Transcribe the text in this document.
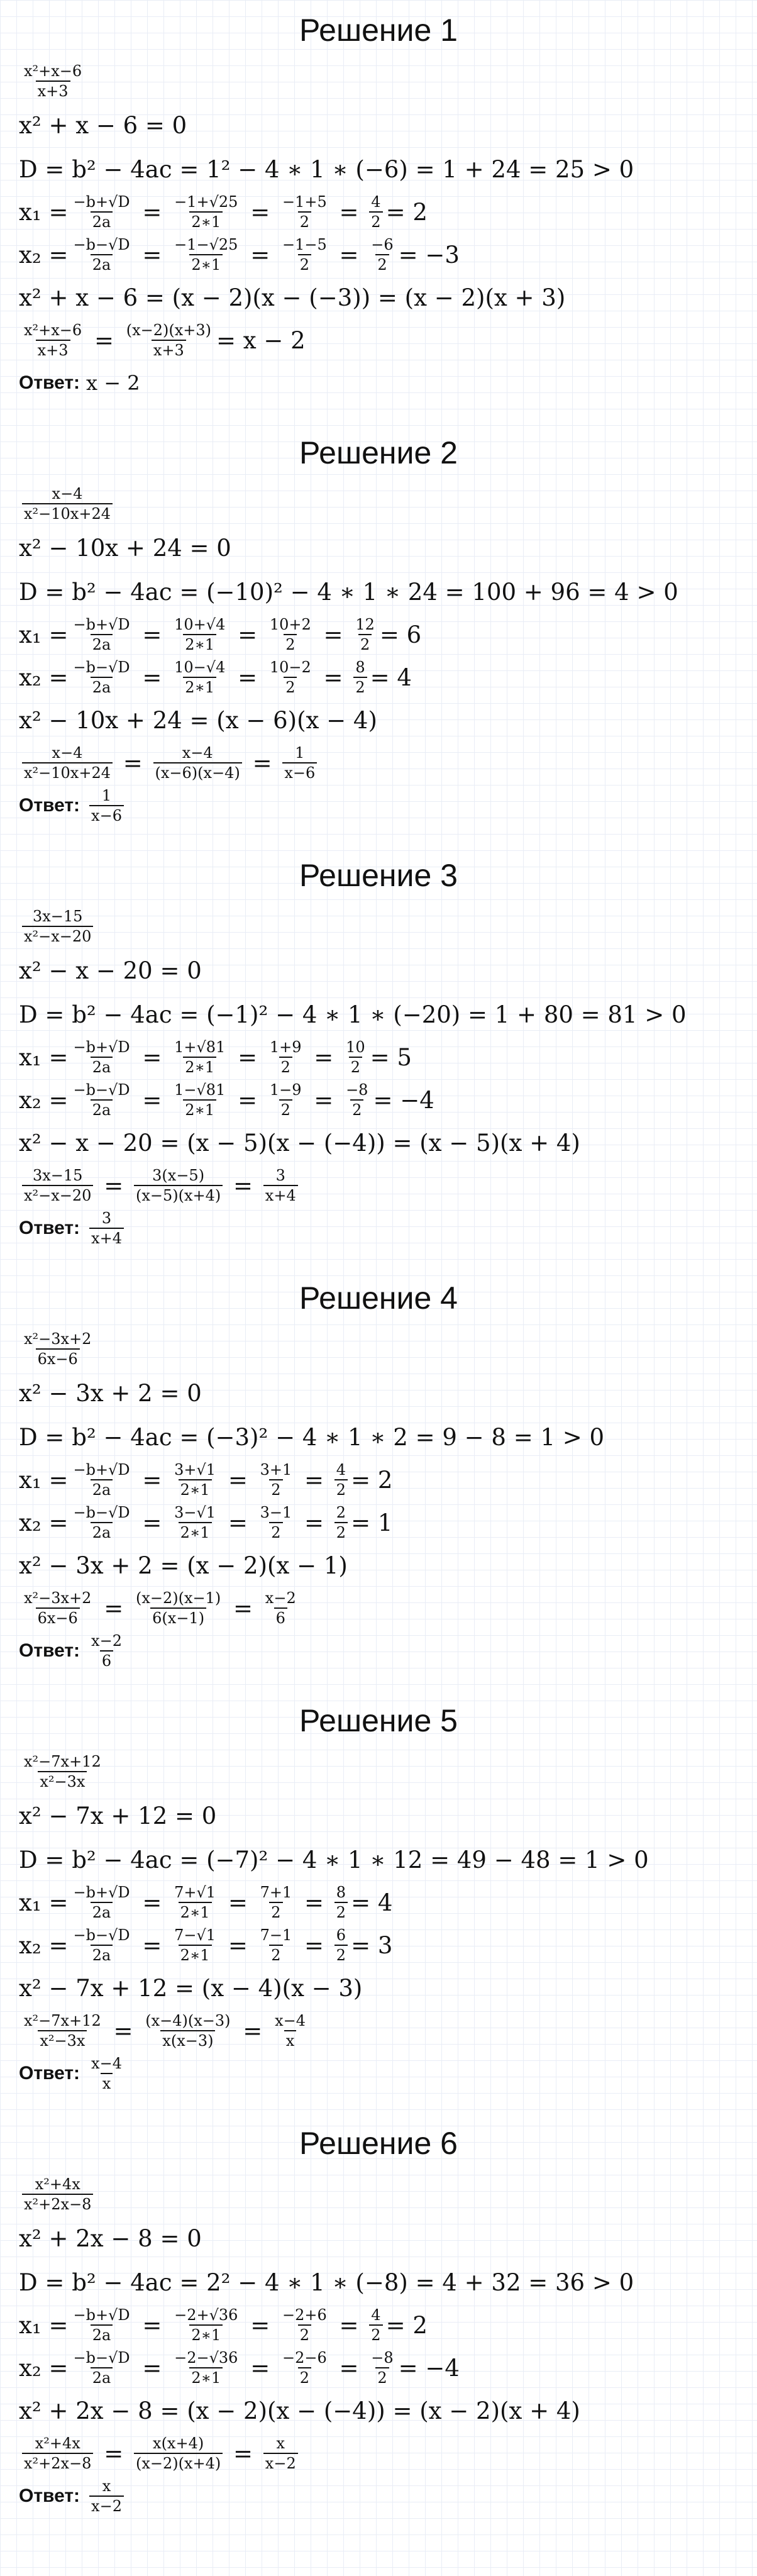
Решение 1
$\frac{\text{x²+x−6}}{x+3}$
x² + x − 6 = 0
D = b² − 4ac = 1² − 4 ∗ 1 ∗ (−6) = 1 + 24 = 25 > 0
$x_1 = \frac{-b+√D}{2a} = \frac{-1+√25}{2∗1} = \frac{-1+5}{2} = \frac{4}{2} = 2$
$x_2 = \frac{-b-√D}{2a} = \frac{-1-√25}{2∗1} = \frac{-1-5}{2} = \frac{-6}{2} = -3$
x² + x − 6 = (x − 2)(x − (−3)) = (x − 2)(x + 3)
$\frac{\text{x²+x−6}}{x+3} = \frac{(x-2)(x+3)}{x+3} = x - 2$
Ответ: x − 2
Решение 2
$\frac{x-4}{\text{x²−10x+24}}$
x² − 10x + 24 = 0
D = b² − 4ac = (−10)² − 4 ∗ 1 ∗ 24 = 100 + 96 = 4 > 0
$x_1 = \frac{-b+√D}{2a} = \frac{10+√4}{2∗1} = \frac{10+2}{2} = \frac{12}{2} = 6$
$x_2 = \frac{-b-√D}{2a} = \frac{10-√4}{2∗1} = \frac{10-2}{2} = \frac{8}{2} = 4$
x² − 10x + 24 = (x − 6)(x − 4)
$\frac{x-4}{\text{x²−10x+24}} = \frac{x-4}{(x-6)(x-4)} = \frac{1}{x-6}$
Ответ: $\frac{1}{x-6}$
Решение 3
$\frac{3x-15}{\text{x²−x−20}}$
x² − x − 20 = 0
D = b² − 4ac = (−1)² − 4 ∗ 1 ∗ (−20) = 1 + 80 = 81 > 0
$x_1 = \frac{-b+√D}{2a} = \frac{1+√81}{2∗1} = \frac{1+9}{2} = \frac{10}{2} = 5$
$x_2 = \frac{-b-√D}{2a} = \frac{1-√81}{2∗1} = \frac{1-9}{2} = \frac{-8}{2} = -4$
x² − x − 20 = (x − 5)(x − (−4)) = (x − 5)(x + 4)
$\frac{3x-15}{\text{x²−x−20}} = \frac{3(x-5)}{(x-5)(x+4)} = \frac{3}{x+4}$
Ответ: $\frac{3}{x+4}$
Решение 4
$\frac{\text{x²−3x+2}}{6x-6}$
x² − 3x + 2 = 0
D = b² − 4ac = (−3)² − 4 ∗ 1 ∗ 2 = 9 − 8 = 1 > 0
$x_1 = \frac{-b+√D}{2a} = \frac{3+√1}{2∗1} = \frac{3+1}{2} = \frac{4}{2} = 2$
$x_2 = \frac{-b-√D}{2a} = \frac{3-√1}{2∗1} = \frac{3-1}{2} = \frac{2}{2} = 1$
x² − 3x + 2 = (x − 2)(x − 1)
$\frac{\text{x²−3x+2}}{6x-6} = \frac{(x-2)(x-1)}{6(x-1)} = \frac{x-2}{6}$
Ответ: $\frac{x-2}{6}$
Решение 5
$\frac{\text{x²−7x+12}}{\text{x²−3x}}$
x² − 7x + 12 = 0
D = b² − 4ac = (−7)² − 4 ∗ 1 ∗ 12 = 49 − 48 = 1 > 0
$x_1 = \frac{-b+√D}{2a} = \frac{7+√1}{2∗1} = \frac{7+1}{2} = \frac{8}{2} = 4$
$x_2 = \frac{-b-√D}{2a} = \frac{7-√1}{2∗1} = \frac{7-1}{2} = \frac{6}{2} = 3$
x² − 7x + 12 = (x − 4)(x − 3)
$\frac{\text{x²−7x+12}}{\text{x²−3x}} = \frac{(x-4)(x-3)}{x(x-3)} = \frac{x-4}{x}$
Ответ: $\frac{x-4}{x}$
Решение 6
$\frac{\text{x²+4x}}{\text{x²+2x−8}}$
x² + 2x − 8 = 0
D = b² − 4ac = 2² − 4 ∗ 1 ∗ (−8) = 4 + 32 = 36 > 0
$x_1 = \frac{-b+√D}{2a} = \frac{-2+√36}{2∗1} = \frac{-2+6}{2} = \frac{4}{2} = 2$
$x_2 = \frac{-b-√D}{2a} = \frac{-2-√36}{2∗1} = \frac{-2-6}{2} = \frac{-8}{2} = -4$
x² + 2x − 8 = (x − 2)(x − (−4)) = (x − 2)(x + 4)
$\frac{\text{x²+4x}}{\text{x²+2x−8}} = \frac{x(x+4)}{(x-2)(x+4)} = \frac{x}{x-2}$
Ответ: $\frac{x}{x-2}$
